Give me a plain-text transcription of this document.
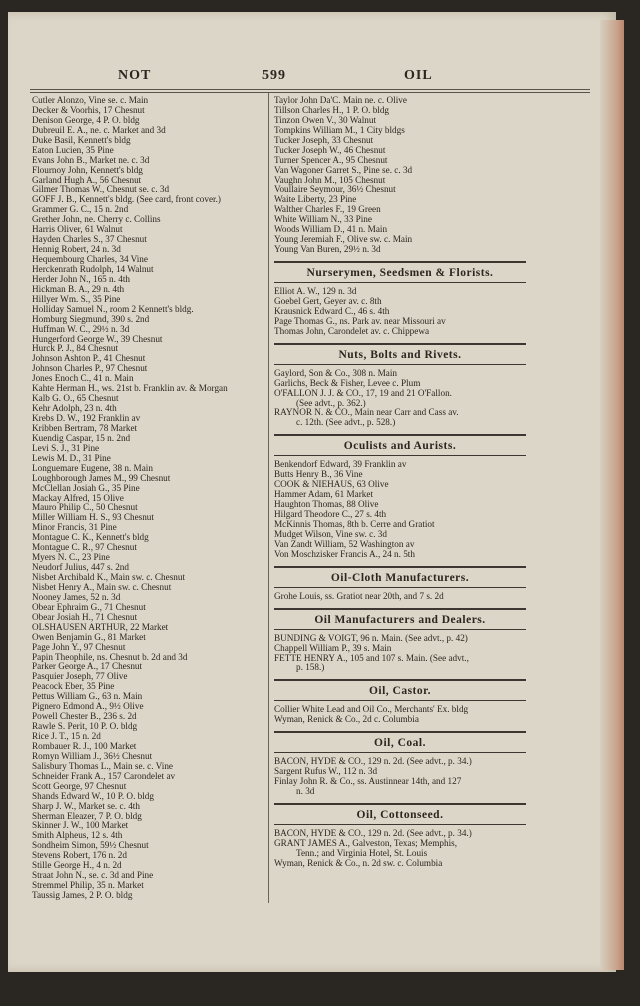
NOT	599	OIL
Cutler Alonzo, Vine se. c. Main
Decker & Voorhis, 17 Chesnut
Denison George, 4 P. O. bldg
Dubreuil E. A., ne. c. Market and 3d
Duke Basil, Kennett's bldg
Eaton Lucien, 35 Pine
Evans John B., Market ne. c. 3d
Flournoy John, Kennett's bldg
Garland Hugh A., 56 Chesnut
Gilmer Thomas W., Chesnut se. c. 3d
GOFF J. B., Kennett's bldg. (See card, front cover.)
Grammer G. C., 15 n. 2nd
Grether John, ne. Cherry c. Collins
Harris Oliver, 61 Walnut
Hayden Charles S., 37 Chesnut
Hennig Robert, 24 n. 3d
Hequembourg Charles, 34 Vine
Herckenrath Rudolph, 14 Walnut
Herder John N., 165 n. 4th
Hickman B. A., 29 n. 4th
Hillyer Wm. S., 35 Pine
Holliday Samuel N., room 2 Kennett's bldg.
Homburg Siegmund, 390 s. 2nd
Huffman W. C., 29½ n. 3d
Hungerford George W., 39 Chesnut
Hurck P. J., 84 Chesnut
Johnson Ashton P., 41 Chesnut
Johnson Charles P., 97 Chesnut
Jones Enoch C., 41 n. Main
Kahte Herman H., ws. 21st b. Franklin av. & Morgan
Kalb G. O., 65 Chesnut
Kehr Adolph, 23 n. 4th
Krebs D. W., 192 Franklin av
Kribben Bertram, 78 Market
Kuendig Caspar, 15 n. 2nd
Levi S. J., 31 Pine
Lewis M. D., 31 Pine
Longuemare Eugene, 38 n. Main
Loughborough James M., 99 Chesnut
McClellan Josiah G., 35 Pine
Mackay Alfred, 15 Olive
Mauro Philip C., 50 Chesnut
Miller William H. S., 93 Chesnut
Minor Francis, 31 Pine
Montague C. K., Kennett's bldg
Montague C. R., 97 Chesnut
Myers N. C., 23 Pine
Neudorf Julius, 447 s. 2nd
Nisbet Archibald K., Main sw. c. Chesnut
Nisbet Henry A., Main sw. c. Chesnut
Nooney James, 52 n. 3d
Obear Ephraim G., 71 Chesnut
Obear Josiah H., 71 Chesnut
OLSHAUSEN ARTHUR, 22 Market
Owen Benjamin G., 81 Market
Page John Y., 97 Chesnut
Papin Theophile, ns. Chesnut b. 2d and 3d
Parker George A., 17 Chesnut
Pasquier Joseph, 77 Olive
Peacock Eber, 35 Pine
Pettus William G., 63 n. Main
Pignero Edmond A., 9½ Olive
Powell Chester B., 236 s. 2d
Rawle S. Perit, 10 P. O. bldg
Rice J. T., 15 n. 2d
Rombauer R. J., 100 Market
Romyn William J., 36½ Chesnut
Salisbury Thomas L., Main se. c. Vine
Schneider Frank A., 157 Carondelet av
Scott George, 97 Chesnut
Shands Edward W., 10 P. O. bldg
Sharp J. W., Market se. c. 4th
Sherman Eleazer, 7 P. O. bldg
Skinner J. W., 100 Market
Smith Alpheus, 12 s. 4th
Sondheim Simon, 59½ Chesnut
Stevens Robert, 176 n. 2d
Stille George H., 4 n. 2d
Straat John N., se. c. 3d and Pine
Stremmel Philip, 35 n. Market
Taussig James, 2 P. O. bldg
Taylor John Da'C. Main ne. c. Olive
Tillson Charles H., 1 P. O. bldg
Tinzon Owen V., 30 Walnut
Tompkins William M., 1 City bldgs
Tucker Joseph, 33 Chesnut
Tucker Joseph W., 46 Chesnut
Turner Spencer A., 95 Chesnut
Van Wagoner Garret S., Pine se. c. 3d
Vaughn John M., 105 Chesnut
Voullaire Seymour, 36½ Chesnut
Waite Liberty, 23 Pine
Walther Charles F., 19 Green
White William N., 33 Pine
Woods William D., 41 n. Main
Young Jeremiah F., Olive sw. c. Main
Young Van Buren, 29½ n. 3d
Nurserymen, Seedsmen & Florists.
Elliot A. W., 129 n. 3d
Goebel Gert, Geyer av. c. 8th
Krausnick Edward C., 46 s. 4th
Page Thomas G., ns. Park av. near Missouri av
Thomas John, Carondelet av. c. Chippewa
Nuts, Bolts and Rivets.
Gaylord, Son & Co., 308 n. Main
Garlichs, Beck & Fisher, Levee c. Plum
O'FALLON J. J. & CO., 17, 19 and 21 O'Fallon.
(See advt., p. 362.)
RAYNOR N. & CO., Main near Carr and Cass av.
c. 12th. (See advt., p. 528.)
Oculists and Aurists.
Benkendorf Edward, 39 Franklin av
Butts Henry B., 36 Vine
COOK & NIEHAUS, 63 Olive
Hammer Adam, 61 Market
Haughton Thomas, 88 Olive
Hilgard Theodore C., 27 s. 4th
McKinnis Thomas, 8th b. Cerre and Gratiot
Mudget Wilson, Vine sw. c. 3d
Van Zandt William, 52 Washington av
Von Moschzisker Francis A., 24 n. 5th
Oil-Cloth Manufacturers.
Grohe Louis, ss. Gratiot near 20th, and 7 s. 2d
Oil Manufacturers and Dealers.
BUNDING & VOIGT, 96 n. Main. (See advt., p. 42)
Chappell William P., 39 s. Main
FETTE HENRY A., 105 and 107 s. Main. (See advt.,
p. 158.)
Oil, Castor.
Collier White Lead and Oil Co., Merchants' Ex. bldg
Wyman, Renick & Co., 2d c. Columbia
Oil, Coal.
BACON, HYDE & CO., 129 n. 2d. (See advt., p. 34.)
Sargent Rufus W., 112 n. 3d
Finlay John R. & Co., ss. Austinnear 14th, and 127
n. 3d
Oil, Cottonseed.
BACON, HYDE & CO., 129 n. 2d. (See advt., p. 34.)
GRANT JAMES A., Galveston, Texas; Memphis,
Tenn.; and Virginia Hotel, St. Louis
Wyman, Renick & Co., n. 2d sw. c. Columbia
